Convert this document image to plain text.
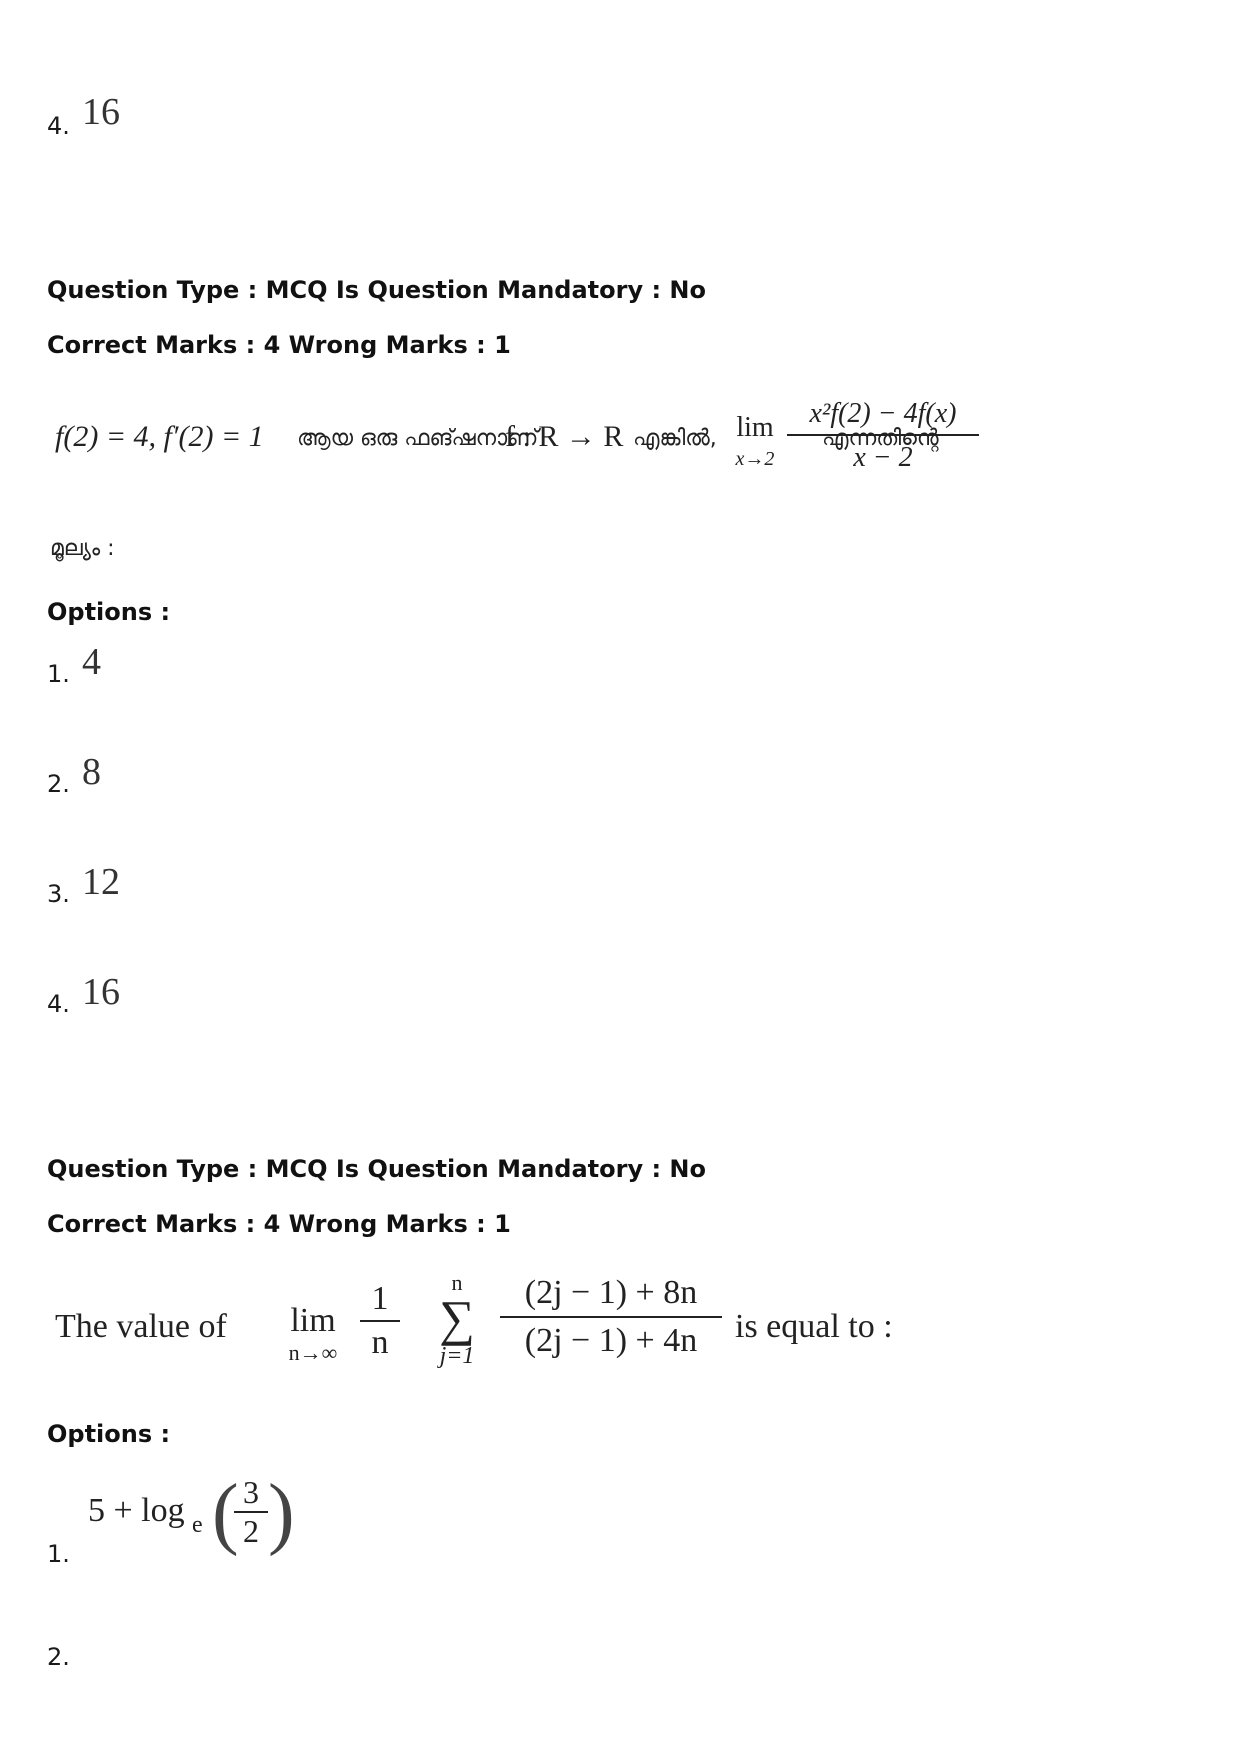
4. 16
Question Type : MCQ Is Question Mandatory : No
Correct Marks : 4 Wrong Marks : 1
f(2) = 4, f′(2) = 1 ആയ ഒരു ഫങ്ഷനാണ്
f : R → R എങ്കിൽ, lim
$x\to 2 \frac{\text{x²f(2) − 4f(x)}}{x - 2}$
എന്നതിന്റെ
മൂല്യം :
Options :
1. 4
2. 8
3. 12
4. 16
Question Type : MCQ Is Question Mandatory : No
Correct Marks : 4 Wrong Marks : 1
The value of	lim
$n\to\infty \frac{1}{n}$	n
∑
$j=1 \frac{(2j - 1) + 8n}{(2j - 1) + 4n}$ is equal to :
Options :
5 + log e (
$\frac{3}{2}$ )
1.
2.
